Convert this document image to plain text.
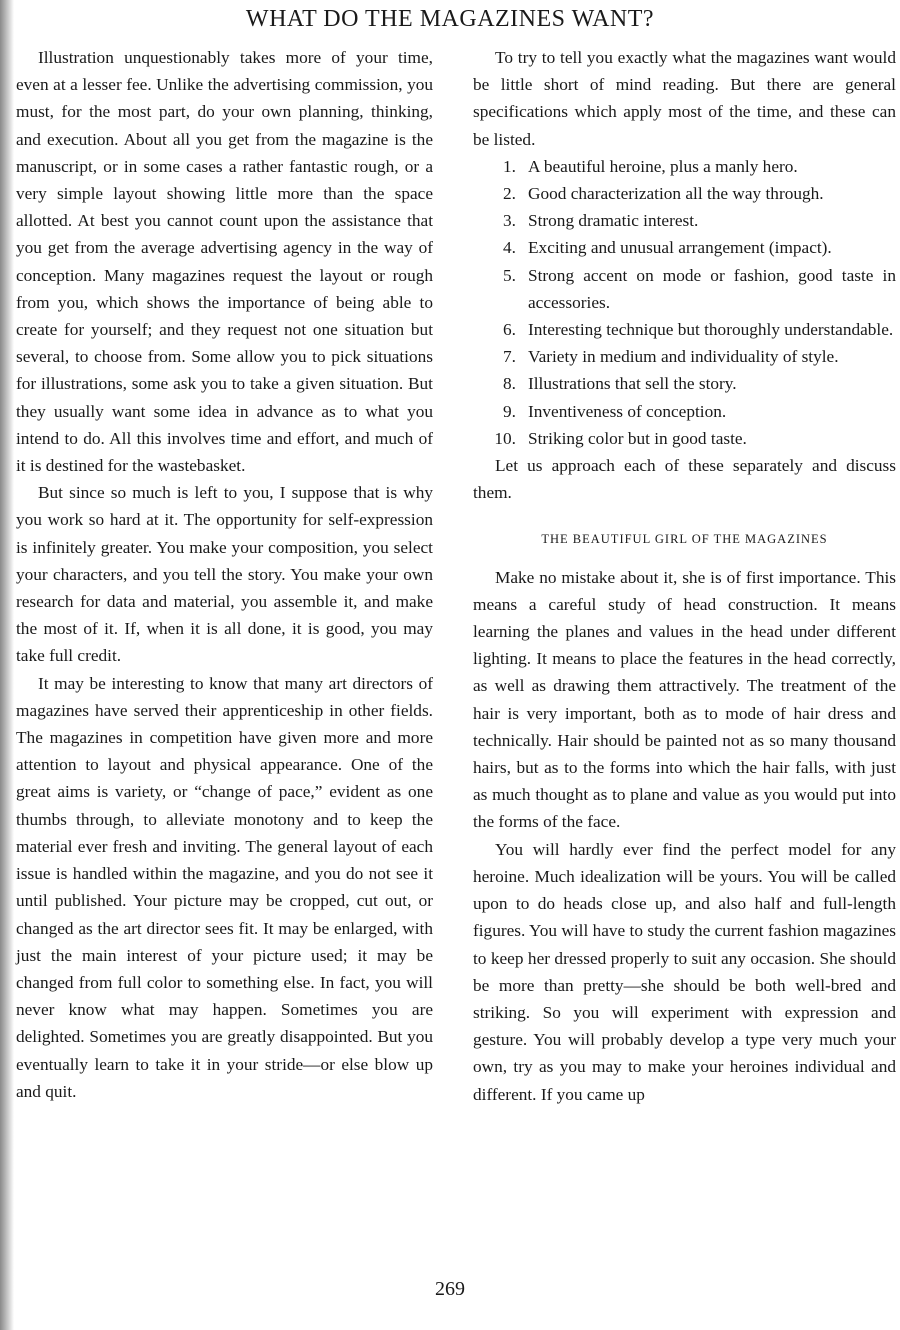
WHAT DO THE MAGAZINES WANT?

Illustration unquestionably takes more of your time, even at a lesser fee. Unlike the advertising commission, you must, for the most part, do your own planning, thinking, and execution. About all you get from the magazine is the manuscript, or in some cases a rather fantastic rough, or a very simple layout showing little more than the space allotted. At best you cannot count upon the assistance that you get from the average advertising agency in the way of conception. Many magazines request the layout or rough from you, which shows the importance of being able to create for yourself; and they request not one situation but several, to choose from. Some allow you to pick situations for illustrations, some ask you to take a given situation. But they usually want some idea in advance as to what you intend to do. All this involves time and effort, and much of it is destined for the wastebasket.

But since so much is left to you, I suppose that is why you work so hard at it. The opportunity for self-expression is infinitely greater. You make your composition, you select your characters, and you tell the story. You make your own research for data and material, you assemble it, and make the most of it. If, when it is all done, it is good, you may take full credit.

It may be interesting to know that many art directors of magazines have served their apprenticeship in other fields. The magazines in competition have given more and more attention to layout and physical appearance. One of the great aims is variety, or “change of pace,” evident as one thumbs through, to alleviate monotony and to keep the material ever fresh and inviting. The general layout of each issue is handled within the magazine, and you do not see it until published. Your picture may be cropped, cut out, or changed as the art director sees fit. It may be enlarged, with just the main interest of your picture used; it may be changed from full color to something else. In fact, you will never know what may happen. Sometimes you are delighted. Sometimes you are greatly disappointed. But you eventually learn to take it in your stride—or else blow up and quit.

To try to tell you exactly what the magazines want would be little short of mind reading. But there are general specifications which apply most of the time, and these can be listed.

1. A beautiful heroine, plus a manly hero.
2. Good characterization all the way through.
3. Strong dramatic interest.
4. Exciting and unusual arrangement (impact).
5. Strong accent on mode or fashion, good taste in accessories.
6. Interesting technique but thoroughly understandable.
7. Variety in medium and individuality of style.
8. Illustrations that sell the story.
9. Inventiveness of conception.
10. Striking color but in good taste.

Let us approach each of these separately and discuss them.

THE BEAUTIFUL GIRL OF THE MAGAZINES

Make no mistake about it, she is of first importance. This means a careful study of head construction. It means learning the planes and values in the head under different lighting. It means to place the features in the head correctly, as well as drawing them attractively. The treatment of the hair is very important, both as to mode of hair dress and technically. Hair should be painted not as so many thousand hairs, but as to the forms into which the hair falls, with just as much thought as to plane and value as you would put into the forms of the face.

You will hardly ever find the perfect model for any heroine. Much idealization will be yours. You will be called upon to do heads close up, and also half and full-length figures. You will have to study the current fashion magazines to keep her dressed properly to suit any occasion. She should be more than pretty—she should be both well-bred and striking. So you will experiment with expression and gesture. You will probably develop a type very much your own, try as you may to make your heroines individual and different. If you came up

269
